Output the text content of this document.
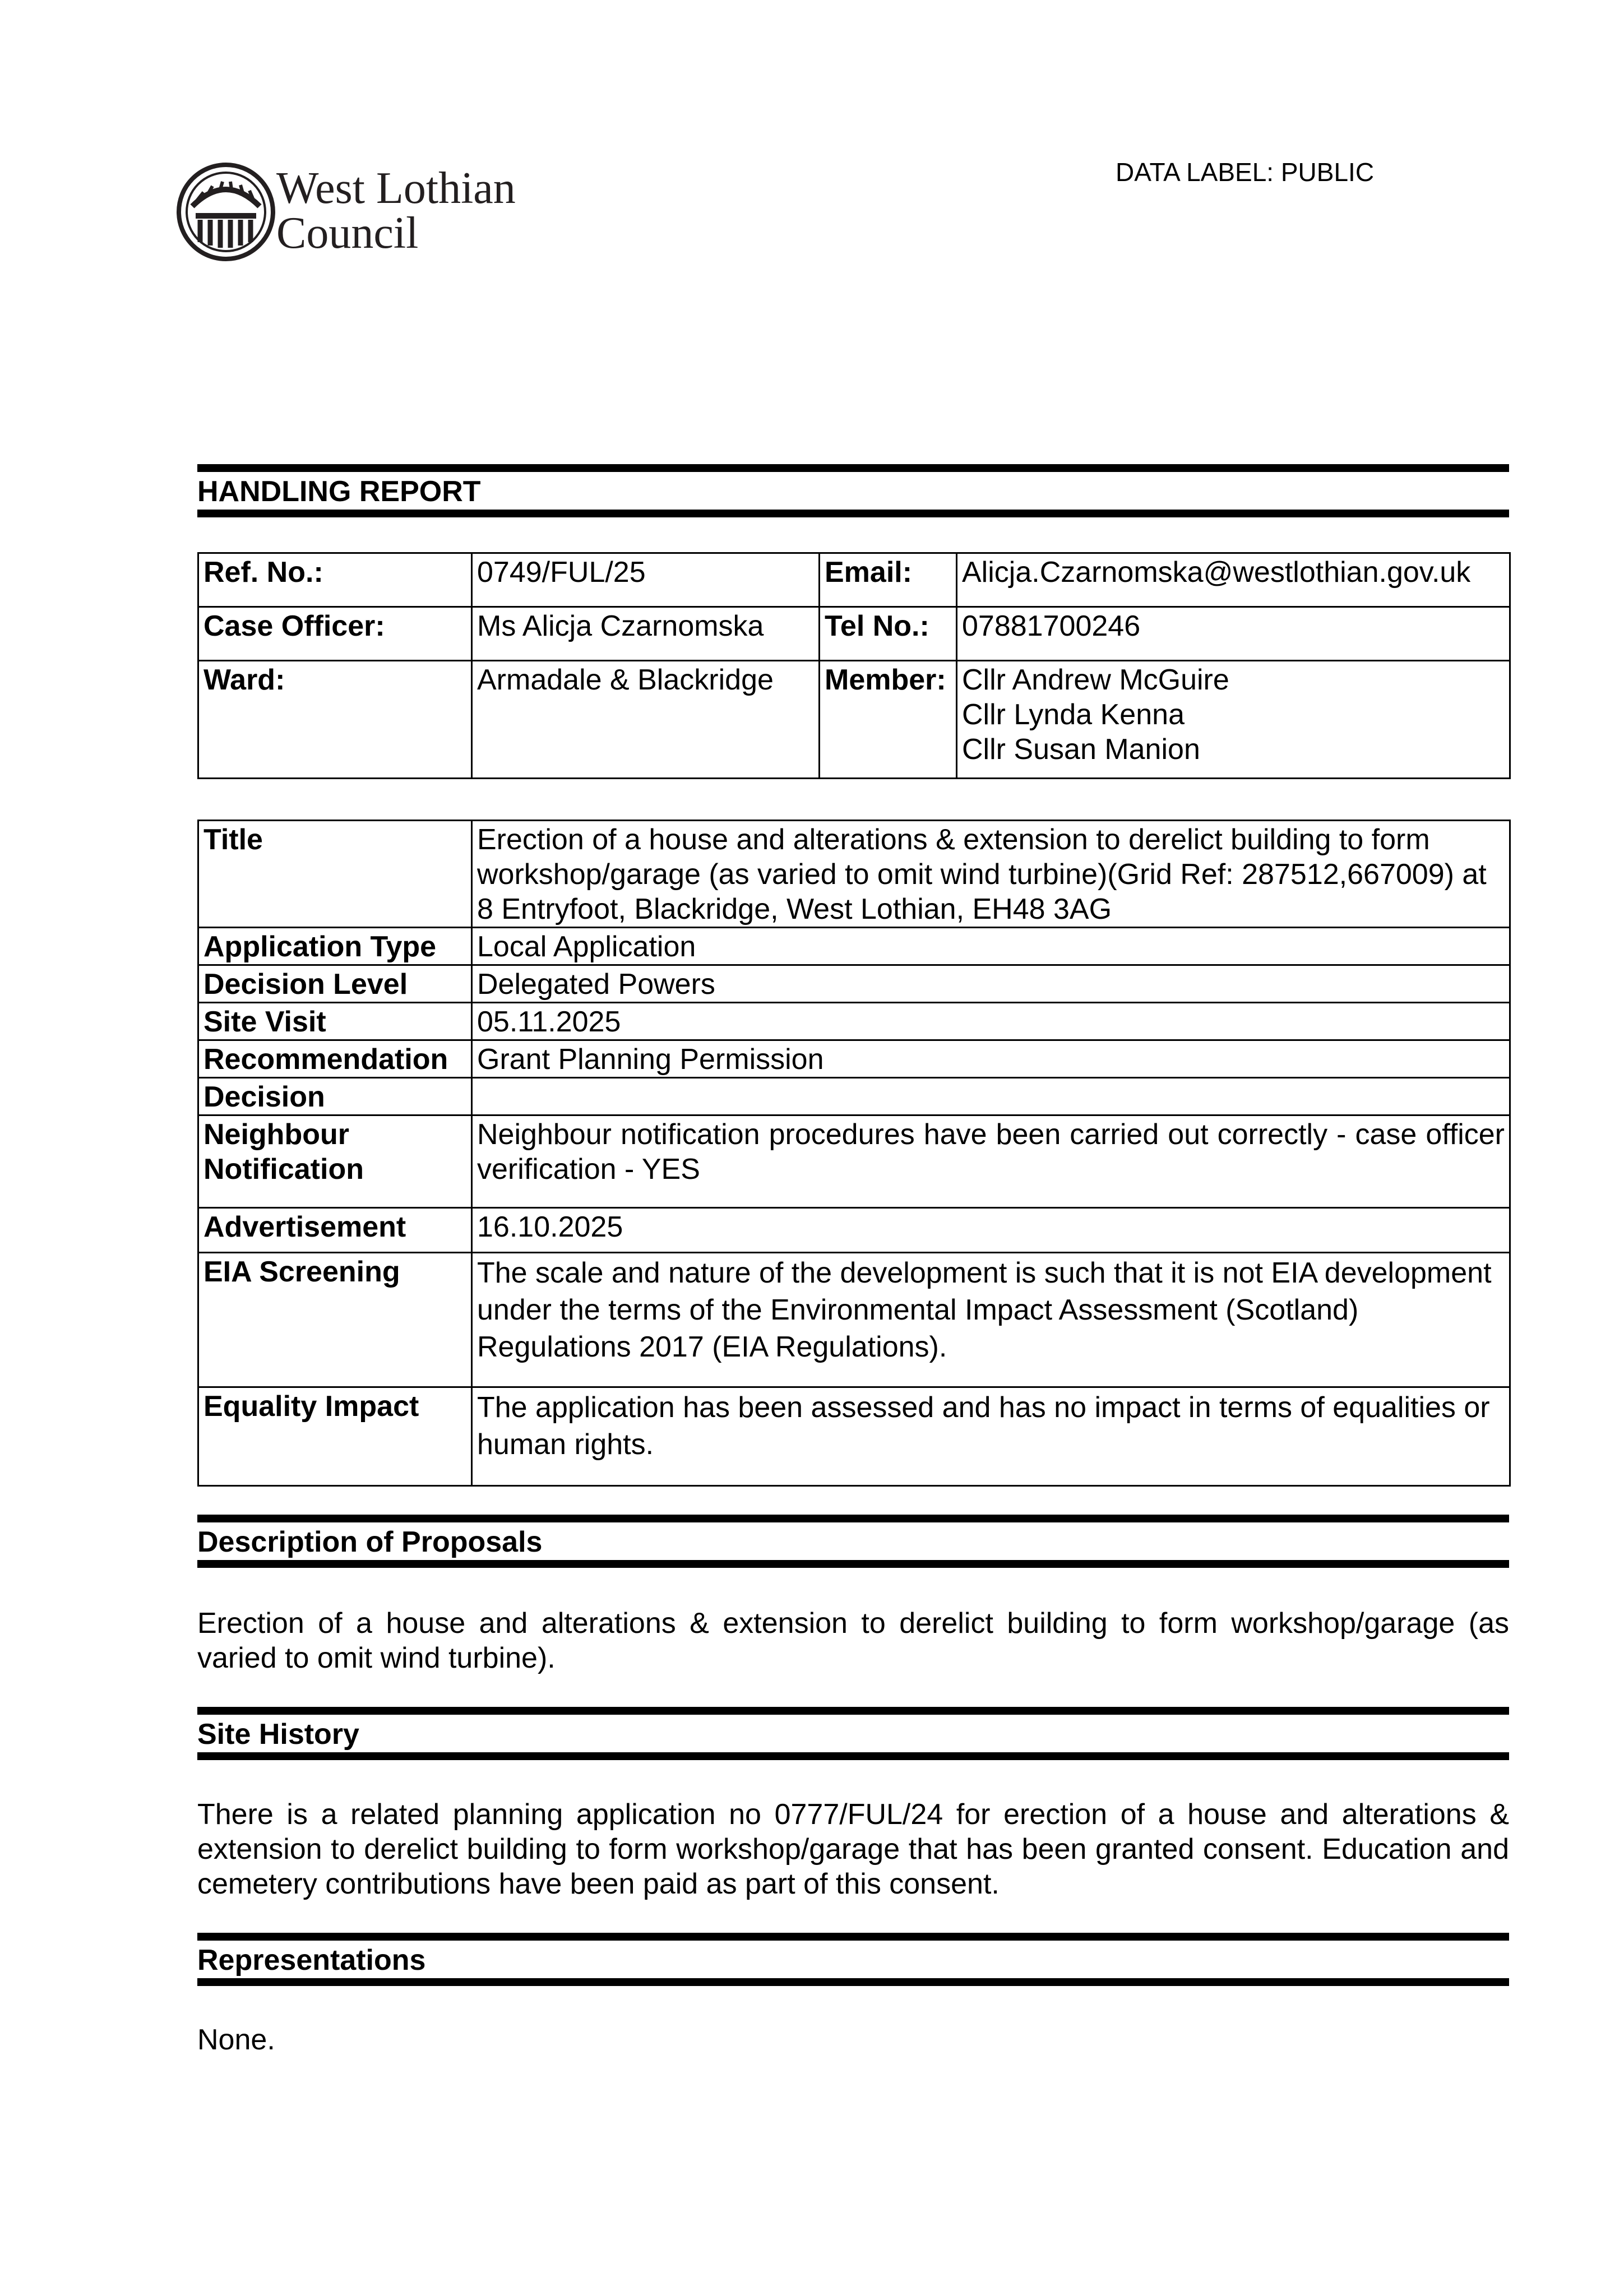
West Lothian
Council
DATA LABEL: PUBLIC
HANDLING REPORT
Ref. No.:	0749/FUL/25	Email:	Alicja.Czarnomska@westlothian.gov.uk
Case Officer:	Ms Alicja Czarnomska	Tel No.:	07881700246
Ward:	Armadale & Blackridge	Member:	Cllr Andrew McGuire
Cllr Lynda Kenna
Cllr Susan Manion
Title	Erection of a house and alterations & extension to derelict building to form workshop/garage (as varied to omit wind turbine)(Grid Ref: 287512,667009) at 8 Entryfoot, Blackridge, West Lothian, EH48 3AG
Application Type	Local Application
Decision Level	Delegated Powers
Site Visit	05.11.2025
Recommendation	Grant Planning Permission
Decision	
Neighbour Notification	Neighbour notification procedures have been carried out correctly - case officer verification - YES
Advertisement	16.10.2025
EIA Screening	The scale and nature of the development is such that it is not EIA development under the terms of the Environmental Impact Assessment (Scotland) Regulations 2017 (EIA Regulations).
Equality Impact	The application has been assessed and has no impact in terms of equalities or human rights.
Description of Proposals
Erection of a house and alterations & extension to derelict building to form workshop/garage (as varied to omit wind turbine).
Site History
There is a related planning application no 0777/FUL/24 for erection of a house and alterations & extension to derelict building to form workshop/garage that has been granted consent. Education and cemetery contributions have been paid as part of this consent.
Representations
None.
